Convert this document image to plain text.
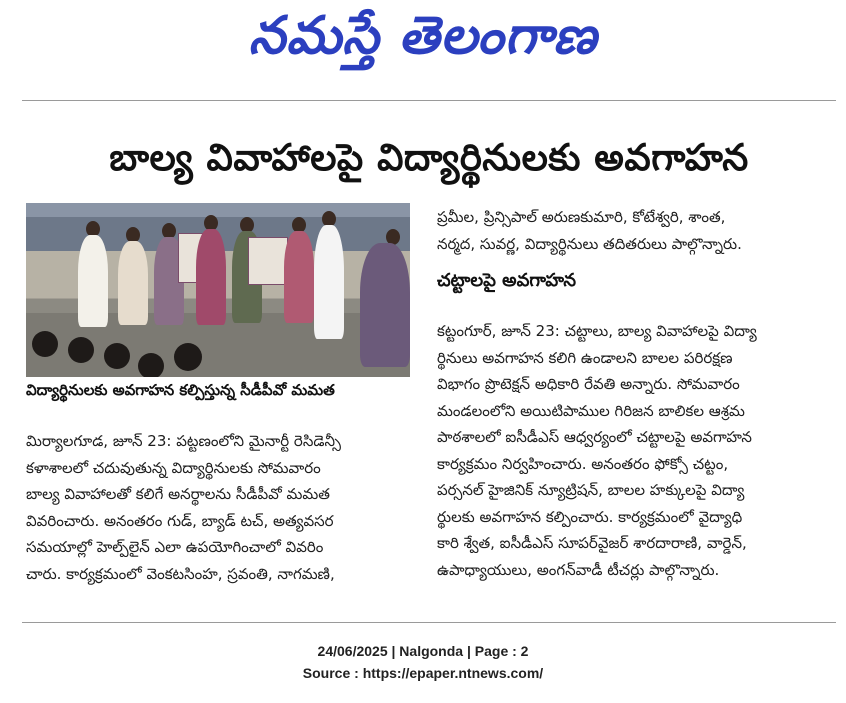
నమస్తే తెలంగాణ
బాల్య వివాహాలపై విద్యార్థినులకు అవగాహన
విద్యార్థినులకు అవగాహన కల్పిస్తున్న సీడీపీవో మమత

మిర్యాలగూడ, జూన్ 23: పట్టణంలోని మైనార్టీ రెసిడెన్సీ

కళాశాలలో చదువుతున్న విద్యార్థినులకు సోమవారం

బాల్య వివాహాలతో కలిగే అనర్థాలను సీడీపీవో మమత

వివరించారు. అనంతరం గుడ్, బ్యాడ్ టచ్, అత్యవసర

సమయాల్లో హెల్ప్‌లైన్ ఎలా ఉపయోగించాలో వివరిం

చారు. కార్యక్రమంలో వెంకటసింహ, స్రవంతి, నాగమణి,

ప్రమీల, ప్రిన్సిపాల్ అరుణకుమారి, కోటేశ్వరి, శాంత,

నర్మద, సువర్ణ, విద్యార్థినులు తదితరులు పాల్గొన్నారు.

చట్టాలపై అవగాహన

కట్టంగూర్, జూన్ 23: చట్టాలు, బాల్య వివాహాలపై విద్యా

ర్థినులు అవగాహన కలిగి ఉండాలని బాలల పరిరక్షణ

విభాగం ప్రొటెక్షన్ అధికారి రేవతి అన్నారు. సోమవారం

మండలంలోని అయిటిపాముల గిరిజన బాలికల ఆశ్రమ

పాఠశాలలో ఐసీడీఎస్ ఆధ్వర్యంలో చట్టాలపై అవగాహన

కార్యక్రమం నిర్వహించారు. అనంతరం ఫోక్సో చట్టం,

పర్సనల్ హైజినిక్ న్యూట్రిషన్, బాలల హక్కులపై విద్యా

ర్థులకు అవగాహన కల్పించారు. కార్యక్రమంలో వైద్యాధి

కారి శ్వేత, ఐసీడీఎస్ సూపర్‌వైజర్ శారదారాణి, వార్డెన్,

ఉపాధ్యాయులు, అంగన్‌వాడీ టీచర్లు పాల్గొన్నారు.

24/06/2025 | Nalgonda | Page : 2
Source : https://epaper.ntnews.com/
